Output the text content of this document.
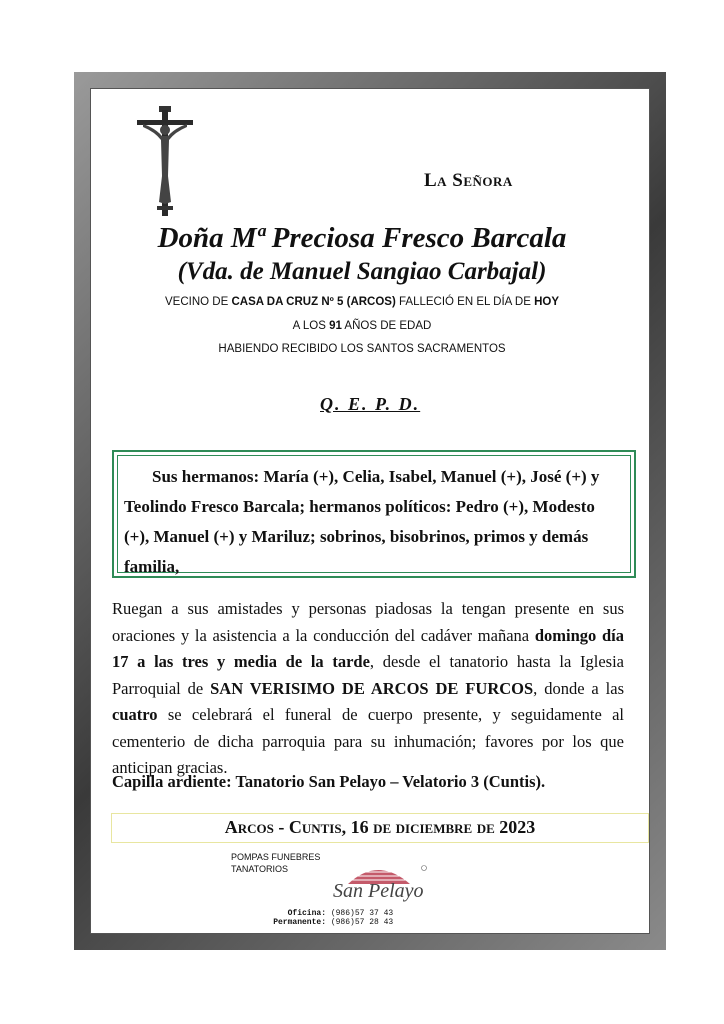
La Señora
Doña Mª Preciosa Fresco Barcala
(Vda. de Manuel Sangiao Carbajal)
VECINO DE CASA DA CRUZ Nº 5 (ARCOS) FALLECIÓ EN EL DÍA DE HOY
A LOS 91 AÑOS DE EDAD
HABIENDO RECIBIDO LOS SANTOS SACRAMENTOS
Q. E. P. D.
Sus hermanos: María (+), Celia, Isabel, Manuel (+), José (+) y
Teolindo Fresco Barcala; hermanos políticos: Pedro (+), Modesto
(+), Manuel (+) y Mariluz; sobrinos, bisobrinos, primos y demás
familia,
Ruegan a sus amistades y personas piadosas la tengan presente en sus oraciones y la asistencia a la conducción del cadáver mañana domingo día 17 a las tres y media de la tarde, desde el tanatorio hasta la Iglesia Parroquial de SAN VERISIMO DE ARCOS DE FURCOS, donde a las cuatro se celebrará el funeral de cuerpo presente, y seguidamente al cementerio de dicha parroquia para su inhumación; favores por los que anticipan gracias.
Capilla ardiente: Tanatorio San Pelayo – Velatorio 3 (Cuntis).
Arcos - Cuntis, 16 de diciembre de 2023
POMPAS FUNEBRES
TANATORIOS
San Pelayo
Oficina: (986)57 37 43
Permanente: (986)57 28 43
